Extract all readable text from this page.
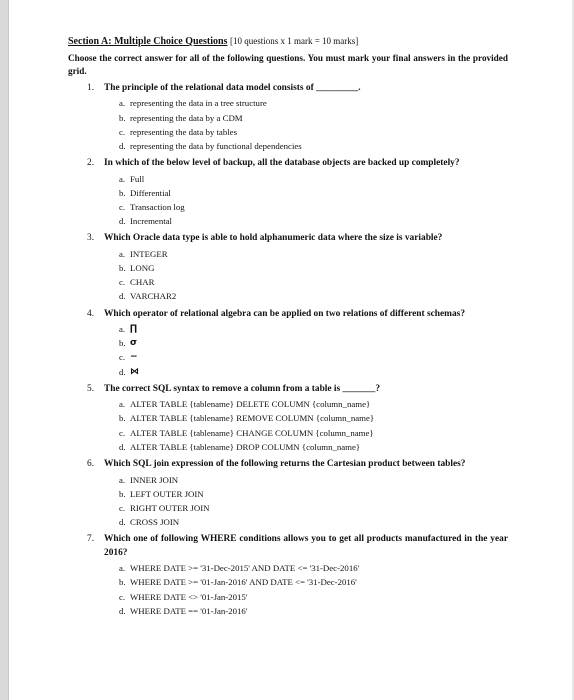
Section A: Multiple Choice Questions [10 questions x 1 mark = 10 marks]
Choose the correct answer for all of the following questions. You must mark your final answers in the provided grid.
1.	The principle of the relational data model consists of _________.
a. representing the data in a tree structure
b. representing the data by a CDM
c. representing the data by tables
d. representing the data by functional dependencies
2.	In which of the below level of backup, all the database objects are backed up completely?
a. Full
b. Differential
c. Transaction log
d. Incremental
3.	Which Oracle data type is able to hold alphanumeric data where the size is variable?
a. INTEGER
b. LONG
c. CHAR
d. VARCHAR2
4.	Which operator of relational algebra can be applied on two relations of different schemas?
a. ∏
b. σ
c. −
d. ⋈
5.	The correct SQL syntax to remove a column from a table is _______?
a. ALTER TABLE {tablename} DELETE COLUMN {column_name}
b. ALTER TABLE {tablename} REMOVE COLUMN {column_name}
c. ALTER TABLE {tablename} CHANGE COLUMN {column_name}
d. ALTER TABLE {tablename} DROP COLUMN {column_name}
6.	Which SQL join expression of the following returns the Cartesian product between tables?
a. INNER JOIN
b. LEFT OUTER JOIN
c. RIGHT OUTER JOIN
d. CROSS JOIN
7.	Which one of following WHERE conditions allows you to get all products manufactured in the year 2016?
a. WHERE DATE >= '31-Dec-2015' AND DATE <= '31-Dec-2016'
b. WHERE DATE >= '01-Jan-2016' AND DATE <= '31-Dec-2016'
c. WHERE DATE <> '01-Jan-2015'
d. WHERE DATE == '01-Jan-2016'
